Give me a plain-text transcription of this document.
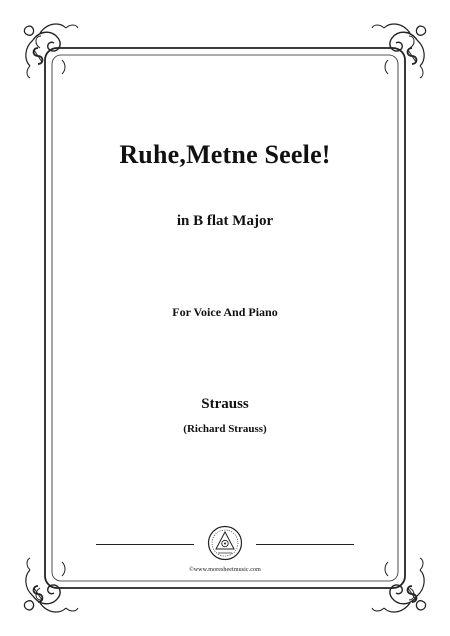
Ruhe,Metne Seele!
in B flat Major
For Voice And Piano
Strauss
(Richard Strauss)
©www.moresheetmusic.com
